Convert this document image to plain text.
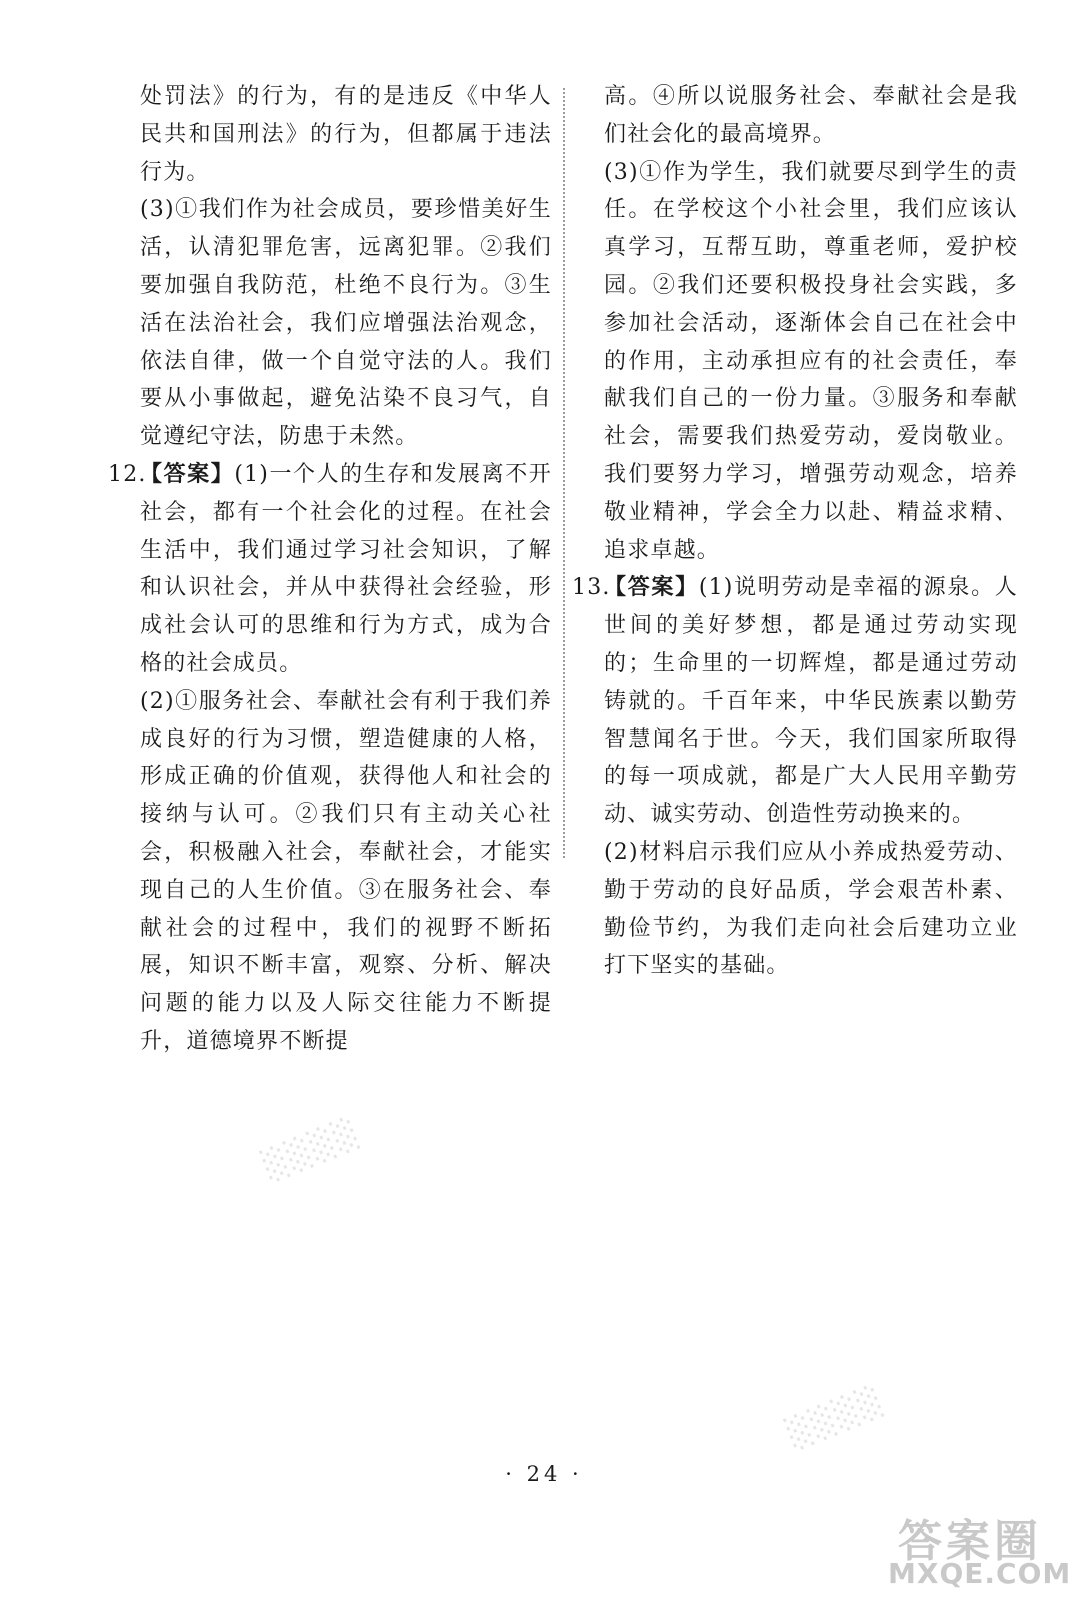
处罚法》的行为，有的是违反《中华人民共和国刑法》的行为，但都属于违法行为。

(3)①我们作为社会成员，要珍惜美好生活，认清犯罪危害，远离犯罪。②我们要加强自我防范，杜绝不良行为。③生活在法治社会，我们应增强法治观念，依法自律，做一个自觉守法的人。我们要从小事做起，避免沾染不良习气，自觉遵纪守法，防患于未然。

12.

【答案】(1)一个人的生存和发展离不开社会，都有一个社会化的过程。在社会生活中，我们通过学习社会知识，了解和认识社会，并从中获得社会经验，形成社会认可的思维和行为方式，成为合格的社会成员。

(2)①服务社会、奉献社会有利于我们养成良好的行为习惯，塑造健康的人格，形成正确的价值观，获得他人和社会的接纳与认可。②我们只有主动关心社会，积极融入社会，奉献社会，才能实现自己的人生价值。③在服务社会、奉献社会的过程中，我们的视野不断拓展，知识不断丰富，观察、分析、解决问题的能力以及人际交往能力不断提升，道德境界不断提

高。④所以说服务社会、奉献社会是我们社会化的最高境界。

(3)①作为学生，我们就要尽到学生的责任。在学校这个小社会里，我们应该认真学习，互帮互助，尊重老师，爱护校园。②我们还要积极投身社会实践，多参加社会活动，逐渐体会自己在社会中的作用，主动承担应有的社会责任，奉献我们自己的一份力量。③服务和奉献社会，需要我们热爱劳动，爱岗敬业。我们要努力学习，增强劳动观念，培养敬业精神，学会全力以赴、精益求精、追求卓越。

13.

【答案】(1)说明劳动是幸福的源泉。人世间的美好梦想，都是通过劳动实现的；生命里的一切辉煌，都是通过劳动铸就的。千百年来，中华民族素以勤劳智慧闻名于世。今天，我们国家所取得的每一项成就，都是广大人民用辛勤劳动、诚实劳动、创造性劳动换来的。

(2)材料启示我们应从小养成热爱劳动、勤于劳动的良好品质，学会艰苦朴素、勤俭节约，为我们走向社会后建功立业打下坚实的基础。

░░░░
░░░░
· 24 ·
答案圈
MXQE.COM
